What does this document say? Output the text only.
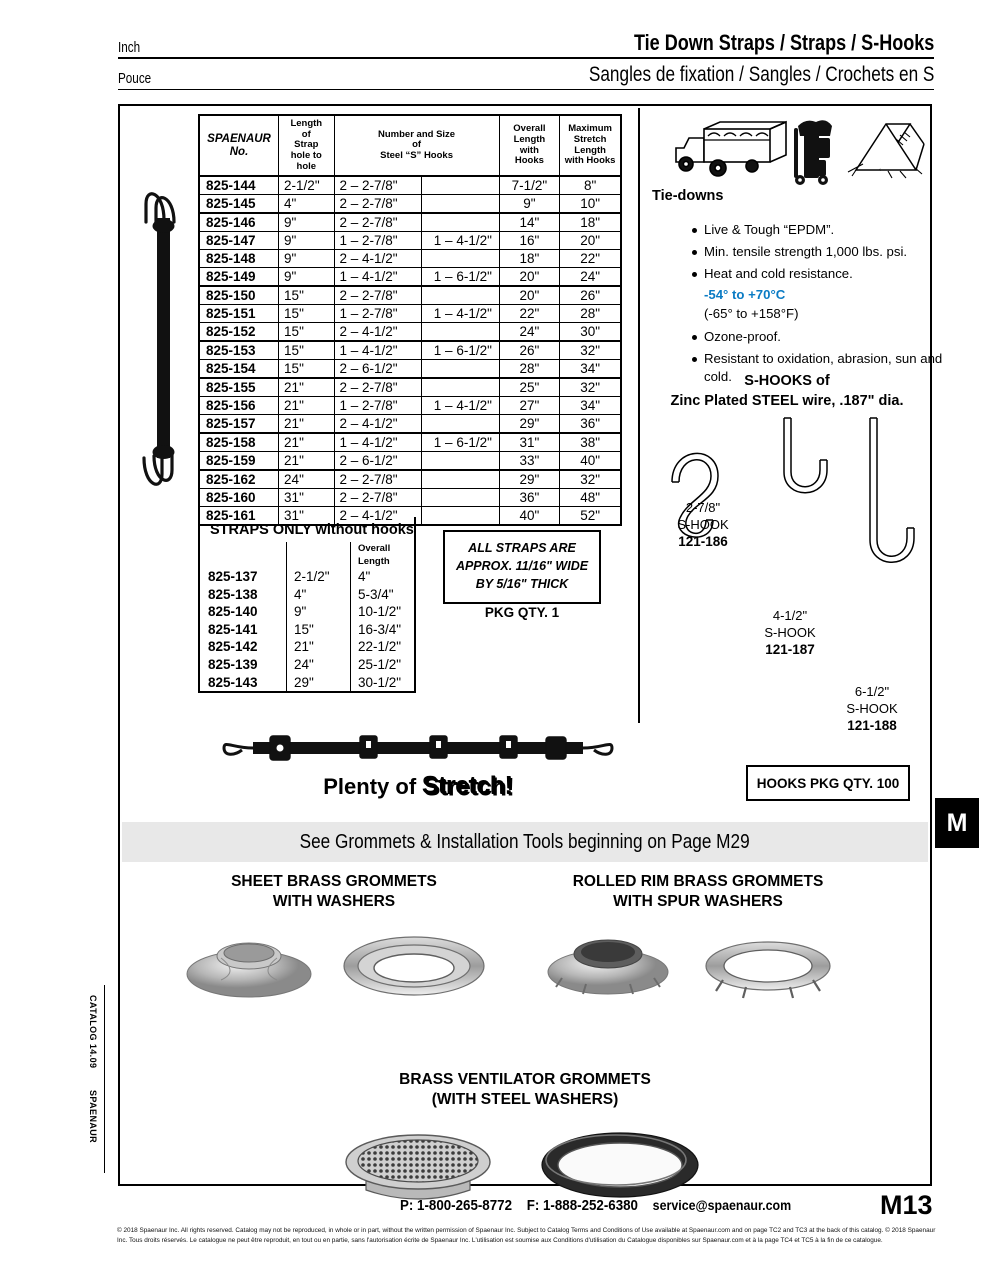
Inch	Tie Down Straps / Straps / S-Hooks
Pouce	Sangles de fixation / Sangles / Crochets en S
SPAENAUR
No.	Length
of
Strap
hole to hole	Number and Size
of
Steel “S” Hooks		Overall
Length
with
Hooks	Maximum
Stretch
Length
with Hooks
825-144	2-1/2"	2 – 2-7/8"		7-1/2"	8"
825-145	4"	2 – 2-7/8"		9"	10"
825-146	9"	2 – 2-7/8"		14"	18"
825-147	9"	1 – 2-7/8"	1 – 4-1/2"	16"	20"
825-148	9"	2 – 4-1/2"		18"	22"
825-149	9"	1 – 4-1/2"	1 – 6-1/2"	20"	24"
825-150	15"	2 – 2-7/8"		20"	26"
825-151	15"	1 – 2-7/8"	1 – 4-1/2"	22"	28"
825-152	15"	2 – 4-1/2"		24"	30"
825-153	15"	1 – 4-1/2"	1 – 6-1/2"	26"	32"
825-154	15"	2 – 6-1/2"		28"	34"
825-155	21"	2 – 2-7/8"		25"	32"
825-156	21"	1 – 2-7/8"	1 – 4-1/2"	27"	34"
825-157	21"	2 – 4-1/2"		29"	36"
825-158	21"	1 – 4-1/2"	1 – 6-1/2"	31"	38"
825-159	21"	2 – 6-1/2"		33"	40"
825-162	24"	2 – 2-7/8"		29"	32"
825-160	31"	2 – 2-7/8"		36"	48"
825-161	31"	2 – 4-1/2"		40"	52"
STRAPS ONLY without hooks
		Overall Length
825-137	2-1/2"	4"
825-138	4"	5-3/4"
825-140	9"	10-1/2"
825-141	15"	16-3/4"
825-142	21"	22-1/2"
825-139	24"	25-1/2"
825-143	29"	30-1/2"
ALL STRAPS ARE
APPROX. 11/16" WIDE
BY 5/16" THICK
PKG QTY. 1
Tie-downs
Live & Tough “EPDM”.
Min. tensile strength 1,000 lbs. psi.
Heat and cold resistance.
-54° to +70°C
(-65° to +158°F)
Ozone-proof.
Resistant to oxidation, abrasion, sun and
cold. S-HOOKS of
Zinc Plated STEEL wire, .187" dia.
2-7/8"
S-HOOK
121-186
4-1/2"
S-HOOK
121-187
6-1/2"
S-HOOK
121-188
Plenty of Stretch!	HOOKS PKG QTY. 100
See Grommets & Installation Tools beginning on Page M29
SHEET BRASS GROMMETS
WITH WASHERS
ROLLED RIM BRASS GROMMETS
WITH SPUR WASHERS
BRASS VENTILATOR GROMMETS
(WITH STEEL WASHERS)
M
CATALOG 14.09
SPAENAUR
P: 1-800-265-8772 F: 1-888-252-6380 service@spaenaur.com	M13
© 2018 Spaenaur Inc. All rights reserved. Catalog may not be reproduced, in whole or in part, without the written permission of Spaenaur Inc. Subject to Catalog Terms and Conditions of Use available at Spaenaur.com and on page TC2 and TC3 at the back of this catalog. © 2018 Spaenaur Inc. Tous droits réservés. Le catalogue ne peut être reproduit, en tout ou en partie, sans l'autorisation écrite de Spaenaur Inc. L'utilisation est soumise aux Conditions d'utilisation du Catalogue disponibles sur Spaenaur.com et à la page TC4 et TC5 à la fin de ce catalogue.
